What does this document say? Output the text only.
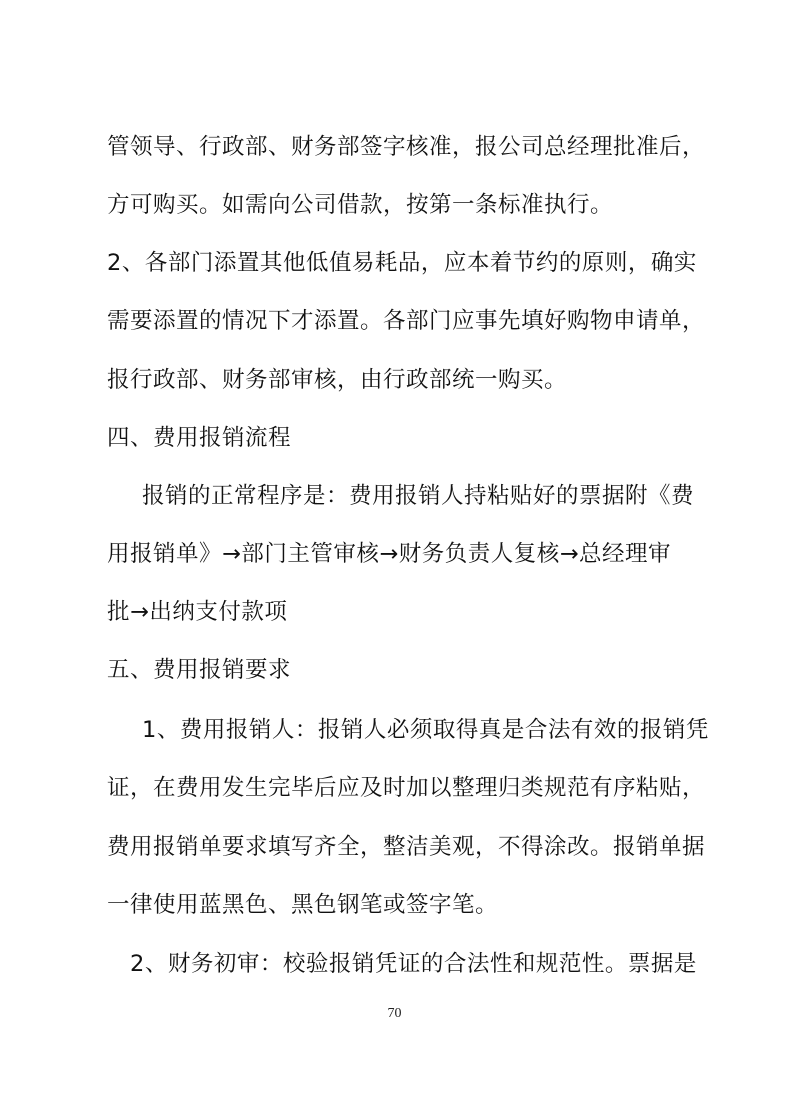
管领导、行政部、财务部签字核准，报公司总经理批准后，
方可购买。如需向公司借款，按第一条标准执行。
2、各部门添置其他低值易耗品，应本着节约的原则，确实
需要添置的情况下才添置。各部门应事先填好购物申请单，
报行政部、财务部审核，由行政部统一购买。
四、费用报销流程
报销的正常程序是：费用报销人持粘贴好的票据附《费
用报销单》→部门主管审核→财务负责人复核→总经理审
批→出纳支付款项
五、费用报销要求
1、费用报销人：报销人必须取得真是合法有效的报销凭
证，在费用发生完毕后应及时加以整理归类规范有序粘贴，
费用报销单要求填写齐全，整洁美观，不得涂改。报销单据
一律使用蓝黑色、黑色钢笔或签字笔。
2、财务初审：校验报销凭证的合法性和规范性。票据是
70
